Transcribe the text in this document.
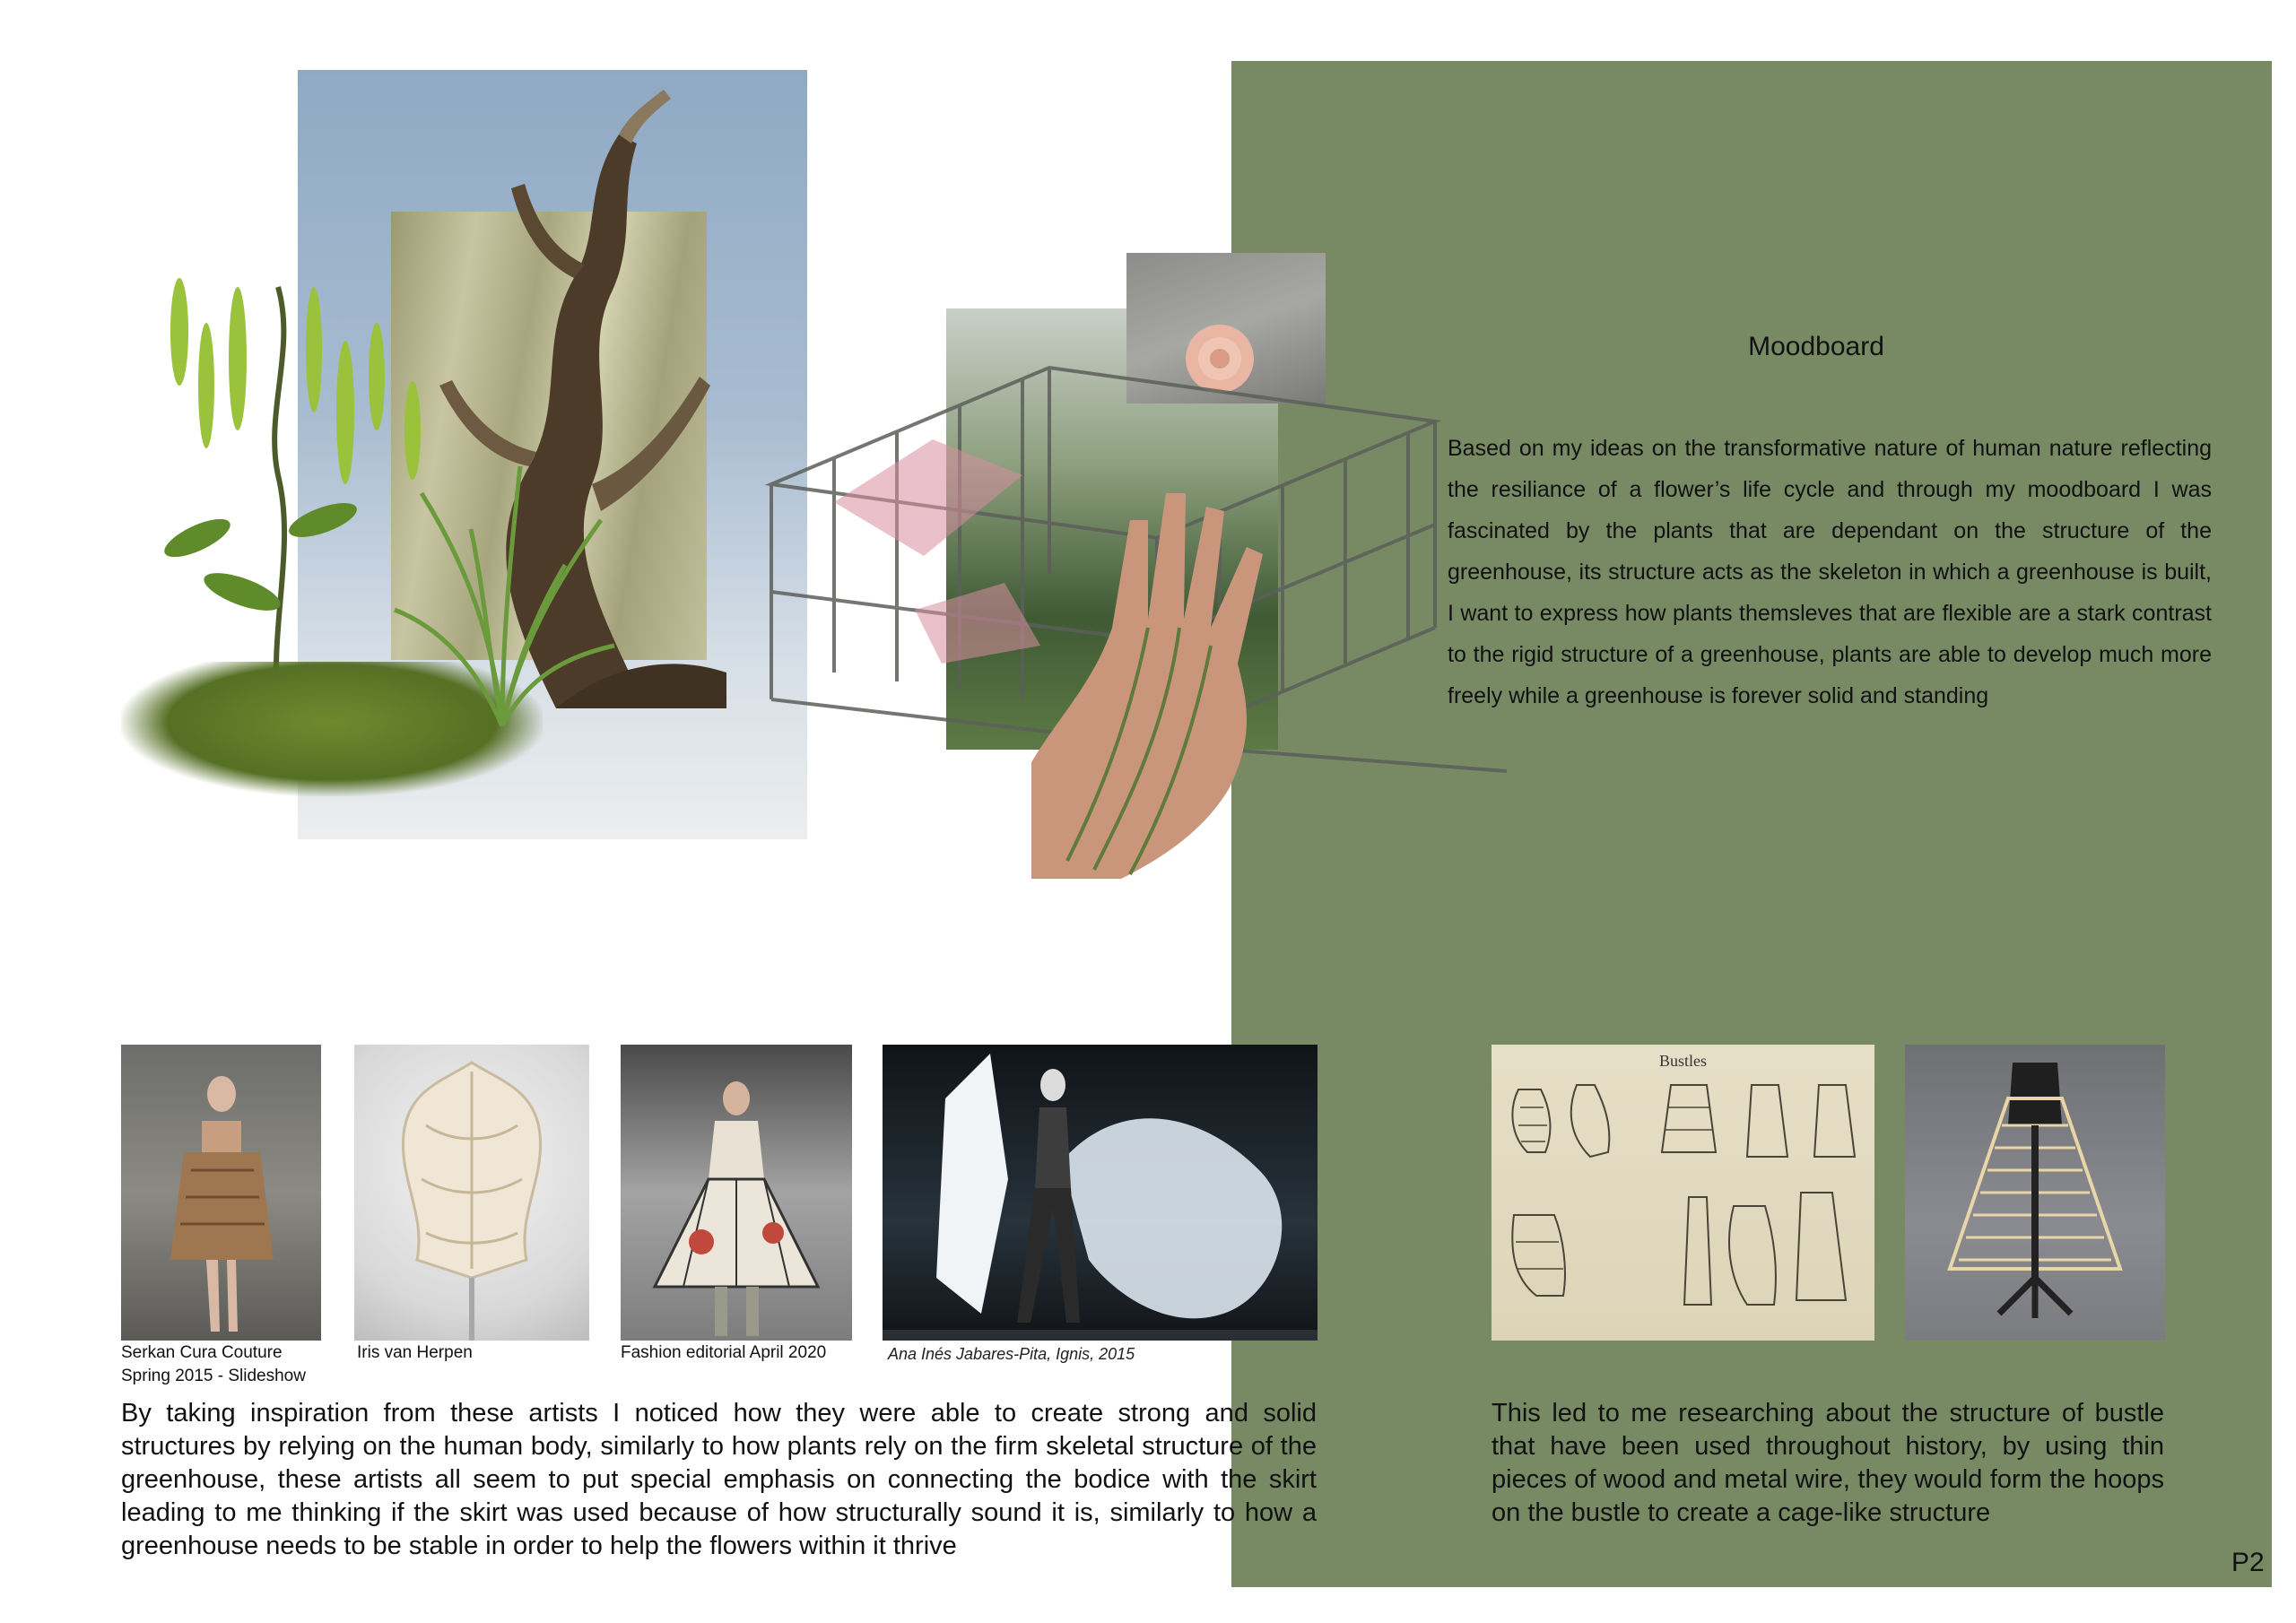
Moodboard
Based on my ideas on the transformative nature of human nature reflecting the resiliance of a flower’s life cycle and through my moodboard I was fascinated by the plants that are dependant on the structure of the greenhouse, its structure acts as the skeleton in which a greenhouse is built, I want to express how plants themsleves that are flexible are a stark contrast to the rigid structure of a greenhouse, plants are able to develop much more freely while a greenhouse is forever solid and standing
Serkan Cura Couture
Spring 2015 - Slideshow
Iris van Herpen	Fashion editorial April 2020	Ana Inés Jabares-Pita, Ignis, 2015
By taking inspiration from these artists I noticed how they were able to create strong and solid structures by relying on the human body, similarly to how plants rely on the firm skeletal structure of the greenhouse, these artists all seem to put special emphasis on connecting the bodice with the skirt leading to me thinking if the skirt was used because of how structurally sound it is, similarly to how a greenhouse needs to be stable in order to help the flowers within it thrive
Bustles
This led to me researching about the structure of bustle that have been used throughout history, by using thin pieces of wood and metal wire, they would form the hoops on the bustle to create a cage-like structure
P2
